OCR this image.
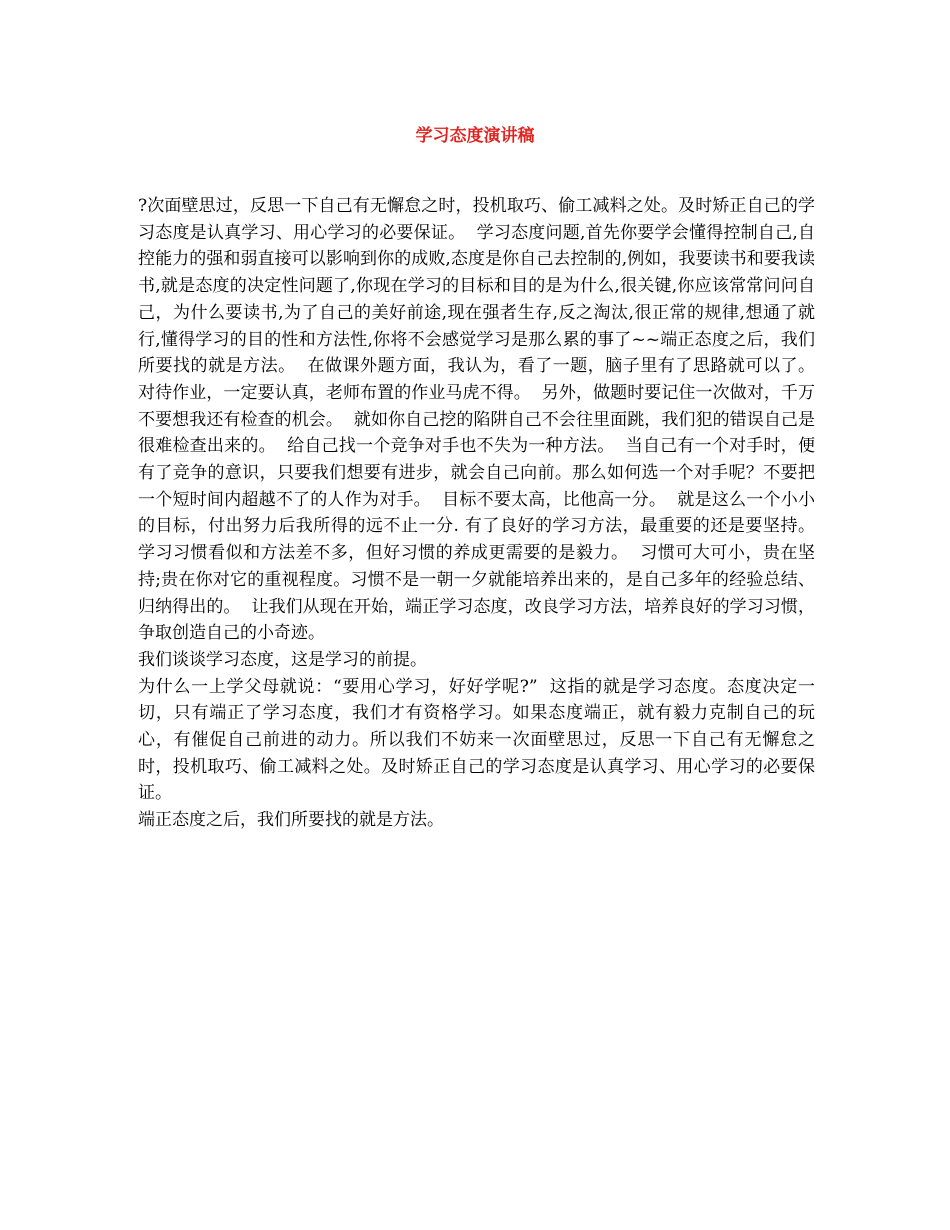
学习态度演讲稿

?次面壁思过，反思一下自己有无懈怠之时，投机取巧、偷工减料之处。及时矫正自己的学习态度是认真学习、用心学习的必要保证。  学习态度问题,首先你要学会懂得控制自己,自控能力的强和弱直接可以影响到你的成败,态度是你自己去控制的,例如，我要读书和要我读书,就是态度的决定性问题了,你现在学习的目标和目的是为什么,很关键,你应该常常问问自己，为什么要读书,为了自己的美好前途,现在强者生存,反之淘汰,很正常的规律,想通了就行,懂得学习的目的性和方法性,你将不会感觉学习是那么累的事了~~端正态度之后，我们所要找的就是方法。  在做课外题方面，我认为，看了一题，脑子里有了思路就可以了。  对待作业，一定要认真，老师布置的作业马虎不得。  另外，做题时要记住一次做对，千万不要想我还有检查的机会。  就如你自己挖的陷阱自己不会往里面跳，我们犯的错误自己是很难检查出来的。  给自己找一个竞争对手也不失为一种方法。  当自己有一个对手时，便有了竞争的意识，只要我们想要有进步，就会自己向前。那么如何选一个对手呢？不要把一个短时间内超越不了的人作为对手。  目标不要太高，比他高一分。  就是这么一个小小的目标，付出努力后我所得的远不止一分. 有了良好的学习方法，最重要的还是要坚持。  学习习惯看似和方法差不多，但好习惯的养成更需要的是毅力。  习惯可大可小，贵在坚持;贵在你对它的重视程度。习惯不是一朝一夕就能培养出来的，是自己多年的经验总结、归纳得出的。  让我们从现在开始，端正学习态度，改良学习方法，培养良好的学习习惯，争取创造自己的小奇迹。

我们谈谈学习态度，这是学习的前提。

为什么一上学父母就说：“要用心学习，好好学呢?”  这指的就是学习态度。态度决定一切，只有端正了学习态度，我们才有资格学习。如果态度端正，就有毅力克制自己的玩心，有催促自己前进的动力。所以我们不妨来一次面壁思过，反思一下自己有无懈怠之时，投机取巧、偷工减料之处。及时矫正自己的学习态度是认真学习、用心学习的必要保证。

端正态度之后，我们所要找的就是方法。
